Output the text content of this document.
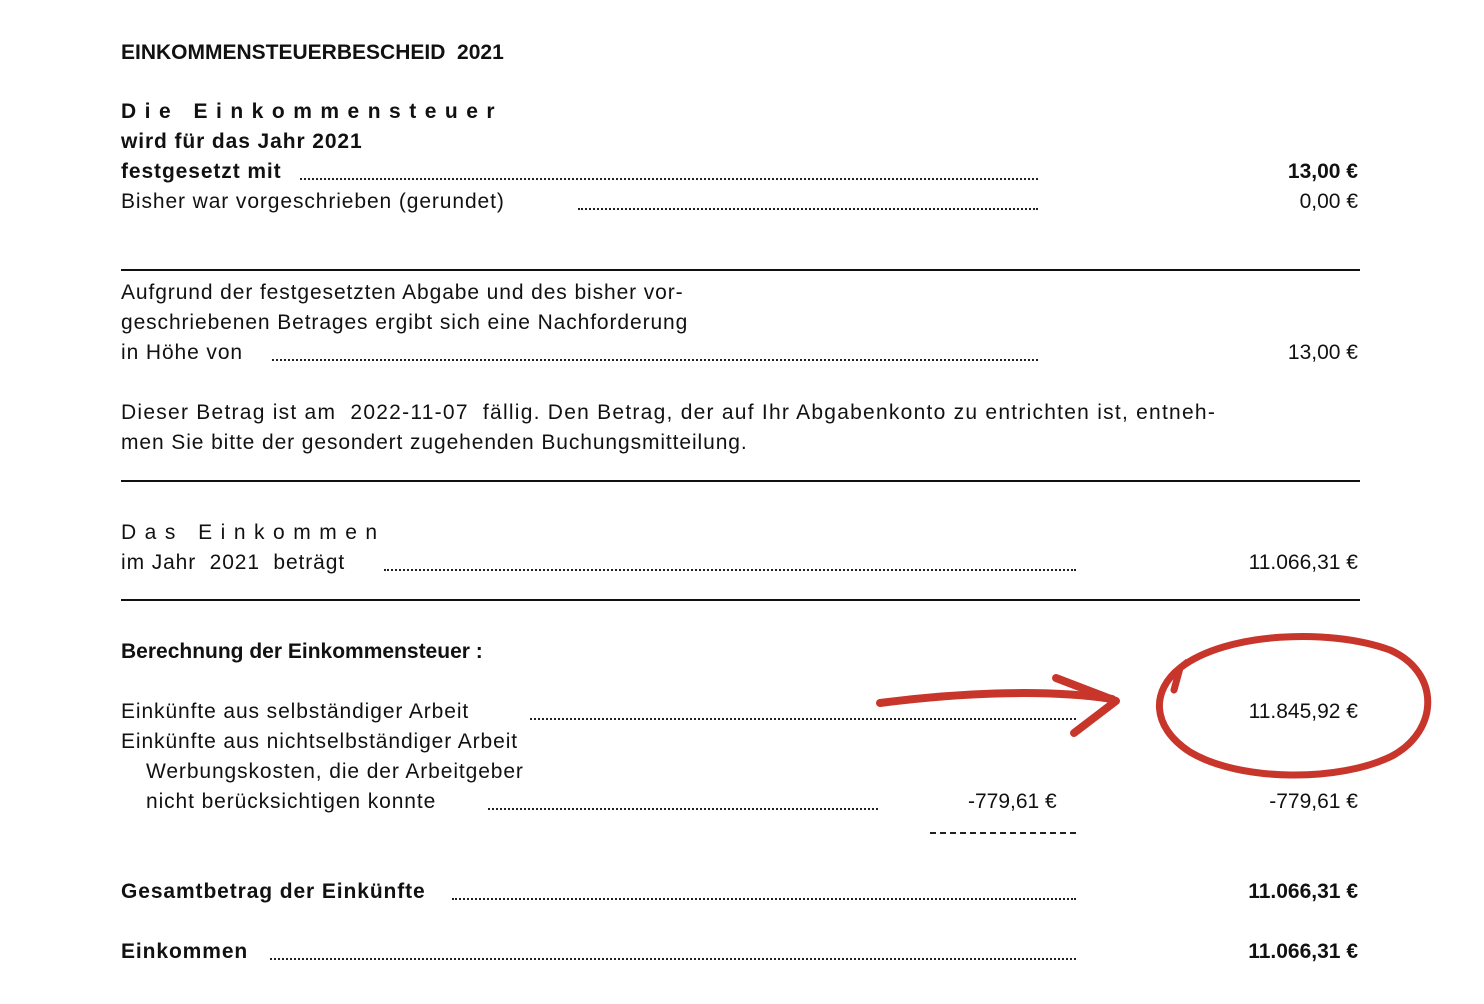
EINKOMMENSTEUERBESCHEID  2021
Die Einkommensteuer
wird für das Jahr 2021
festgesetzt mit	13,00 €
Bisher war vorgeschrieben (gerundet)	0,00 €
Aufgrund der festgesetzten Abgabe und des bisher vor-
geschriebenen Betrages ergibt sich eine Nachforderung
in Höhe von	13,00 €
Dieser Betrag ist am  2022-11-07  fällig. Den Betrag, der auf Ihr Abgabenkonto zu entrichten ist, entneh-
men Sie bitte der gesondert zugehenden Buchungsmitteilung.
Das Einkommen
im Jahr  2021  beträgt	11.066,31 €
Berechnung der Einkommensteuer :
Einkünfte aus selbständiger Arbeit	11.845,92 €
Einkünfte aus nichtselbständiger Arbeit
Werbungskosten, die der Arbeitgeber
nicht berücksichtigen konnte	-779,61 €	-779,61 €
Gesamtbetrag der Einkünfte	11.066,31 €
Einkommen	11.066,31 €
